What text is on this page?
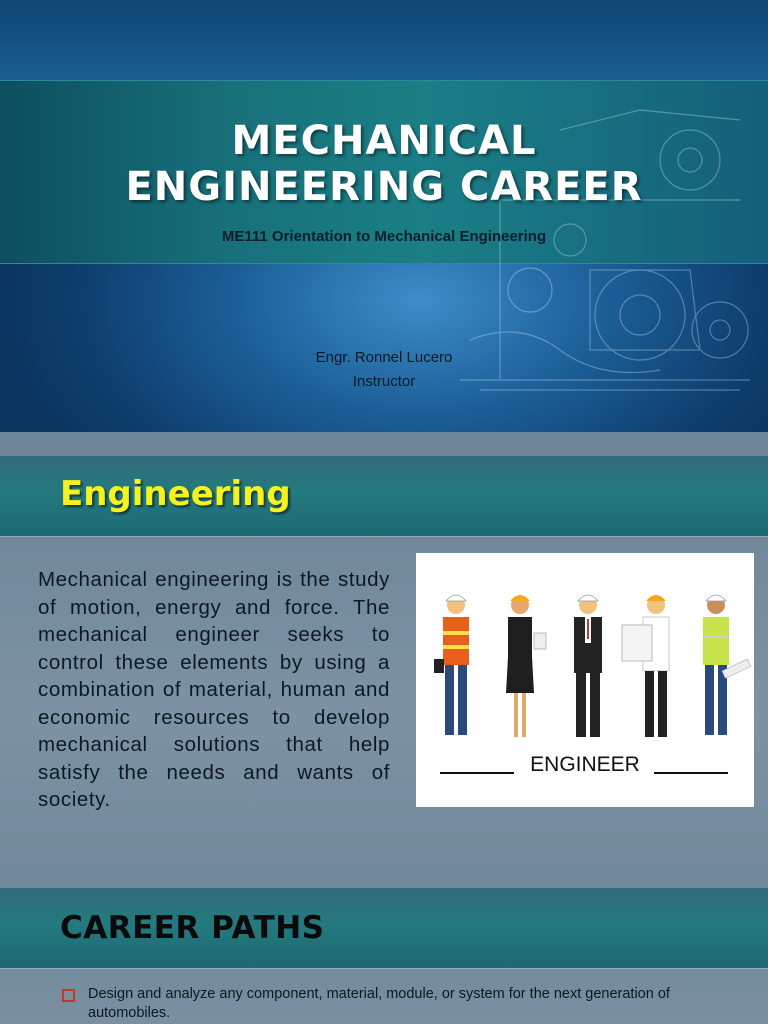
MECHANICAL
ENGINEERING CAREER
ME111 Orientation to Mechanical Engineering
Engr. Ronnel Lucero
Instructor
Engineering
Mechanical engineering is the study of motion, energy and force. The mechanical engineer seeks to control these elements by using a combination of material, human and economic resources to develop mechanical solutions that help satisfy the needs and wants of society.
ENGINEER
CAREER PATHS
Design and analyze any component, material, module, or system for the next generation of automobiles.
